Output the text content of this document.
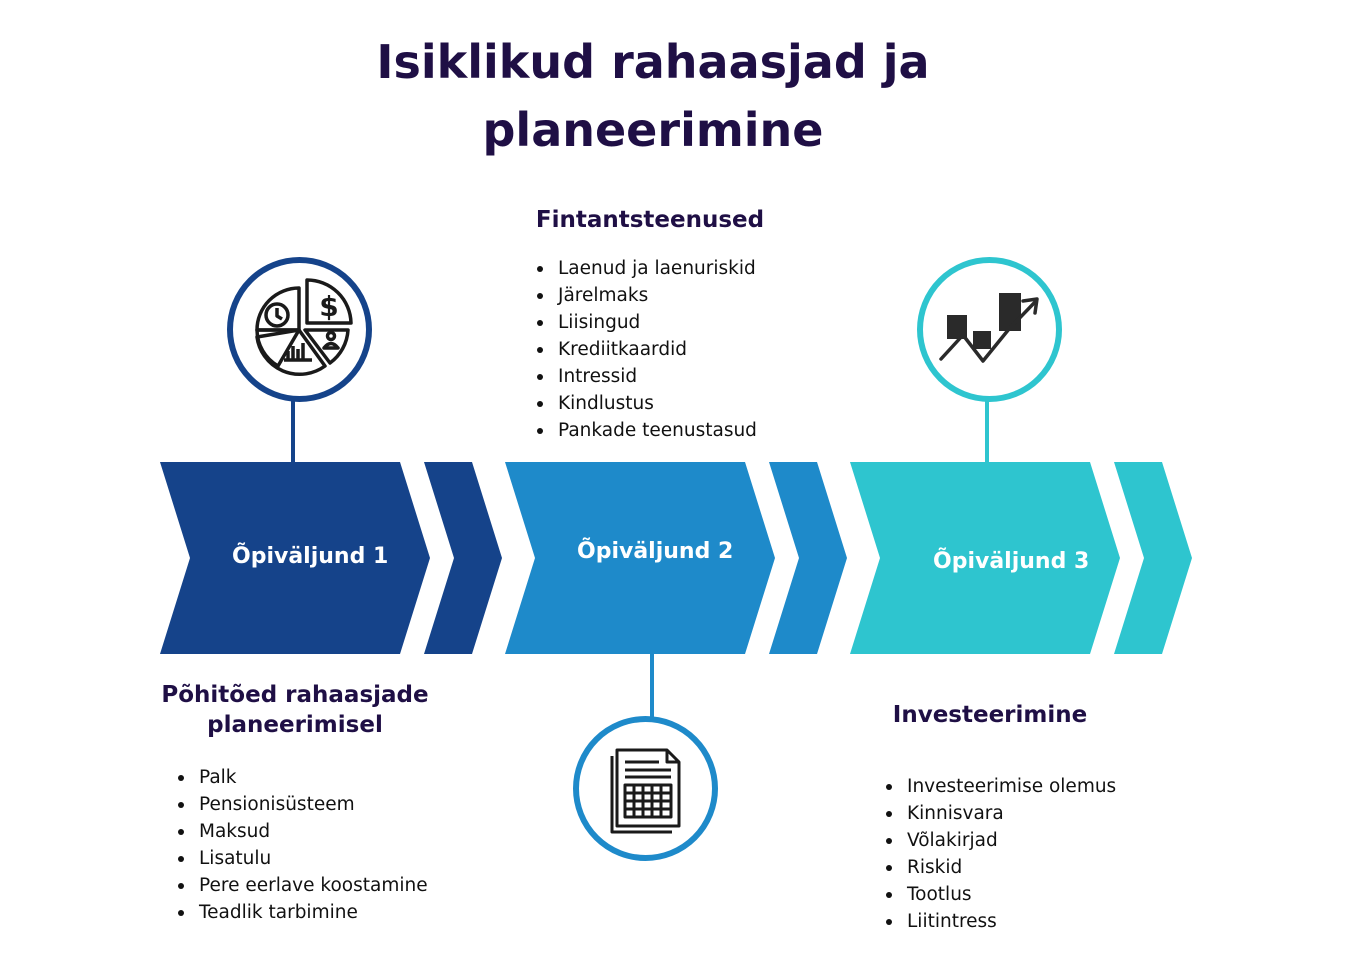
Isiklikud rahaasjad ja
planeerimine
Õpiväljund 1	Õpiväljund 2	Õpiväljund 3
$
Fintantsteenused
Laenud ja laenuriskid
Järelmaks
Liisingud
Krediitkaardid
Intressid
Kindlustus
Pankade teenustasud
Põhitõed rahaasjade
planeerimisel
Palk
Pensionisüsteem
Maksud
Lisatulu
Pere eerlave koostamine
Teadlik tarbimine
Investeerimine
Investeerimise olemus
Kinnisvara
Võlakirjad
Riskid
Tootlus
Liitintress
